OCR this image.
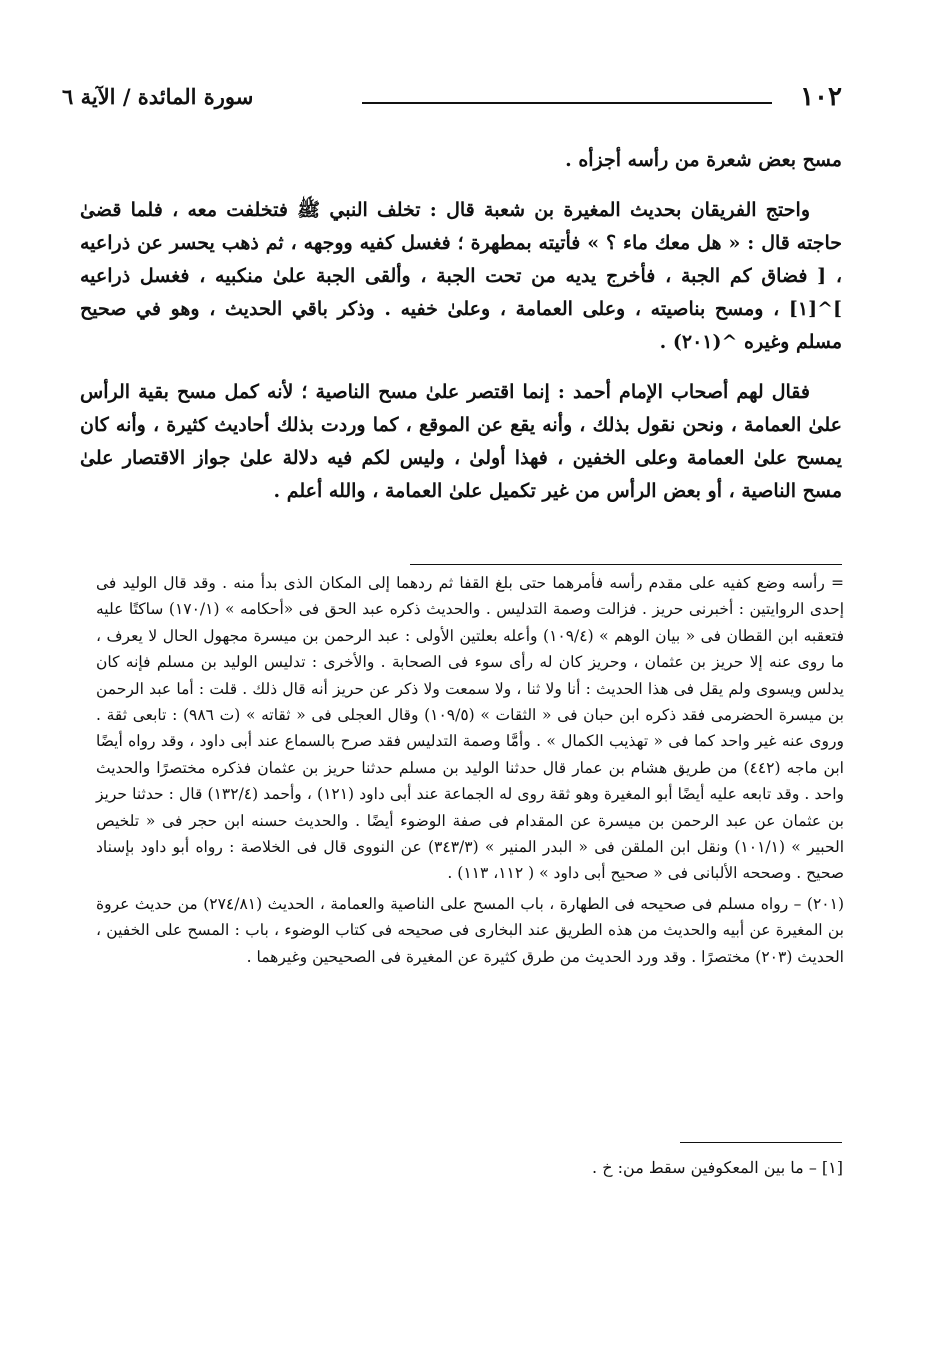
١٠٢
سورة المائدة / الآية ٦

مسح بعض شعرة من رأسه أجزأه .

واحتج الفريقان بحديث المغيرة بن شعبة قال : تخلف النبي ﷺ فتخلفت معه ، فلما قضىٰ حاجته قال : « هل معك ماء ؟ » فأتيته بمطهرة ؛ فغسل كفيه ووجهه ، ثم ذهب يحسر عن ذراعيه ، [ فضاق كم الجبة ، فأخرج يديه من تحت الجبة ، وألقى الجبة علىٰ منكبيه ، فغسل ذراعيه ]^[١] ، ومسح بناصيته ، وعلى العمامة ، وعلىٰ خفيه . وذكر باقي الحديث ، وهو في صحيح مسلم وغيره ^(٢٠١) .

فقال لهم أصحاب الإمام أحمد : إنما اقتصر علىٰ مسح الناصية ؛ لأنه كمل مسح بقية الرأس علىٰ العمامة ، ونحن نقول بذلك ، وأنه يقع عن الموقع ، كما وردت بذلك أحاديث كثيرة ، وأنه كان يمسح علىٰ العمامة وعلى الخفين ، فهذا أولىٰ ، وليس لكم فيه دلالة علىٰ جواز الاقتصار علىٰ مسح الناصية ، أو بعض الرأس من غير تكميل علىٰ العمامة ، والله أعلم .

= رأسه وضع كفيه على مقدم رأسه فأمرهما حتى بلغ القفا ثم ردهما إلى المكان الذى بدأ منه . وقد قال الوليد فى إحدى الروايتين : أخبرنى حريز . فزالت وصمة التدليس . والحديث ذكره عبد الحق فى «أحكامه » (١٧٠/١) ساكتًا عليه فتعقبه ابن القطان فى « بيان الوهم » (١٠٩/٤) وأعله بعلتين الأولى : عبد الرحمن بن ميسرة مجهول الحال لا يعرف ، ما روى عنه إلا حريز بن عثمان ، وحريز كان له رأى سوء فى الصحابة . والأخرى : تدليس الوليد بن مسلم فإنه كان يدلس ويسوى ولم يقل فى هذا الحديث : أنا ولا ثنا ، ولا سمعت ولا ذكر عن حريز أنه قال ذلك . قلت : أما عبد الرحمن بن ميسرة الحضرمى فقد ذكره ابن حبان فى « الثقات » (١٠٩/٥) وقال العجلى فى « ثقاته » (ت ٩٨٦) : تابعى ثقة . وروى عنه غير واحد كما فى « تهذيب الكمال » . وأمَّا وصمة التدليس فقد صرح بالسماع عند أبى داود ، وقد رواه أيضًا ابن ماجه (٤٤٢) من طريق هشام بن عمار قال حدثنا الوليد بن مسلم حدثنا حريز بن عثمان فذكره مختصرًا والحديث واحد . وقد تابعه عليه أيضًا أبو المغيرة وهو ثقة روى له الجماعة عند أبى داود (١٢١) ، وأحمد (١٣٢/٤) قال : حدثنا حريز بن عثمان عن عبد الرحمن بن ميسرة عن المقدام فى صفة الوضوء أيضًا . والحديث حسنه ابن حجر فى « تلخيص الحبير » (١٠١/١) ونقل ابن الملقن فى « البدر المنير » (٣٤٣/٣) عن النووى قال فى الخلاصة : رواه أبو داود بإسناد صحيح . وصححه الألبانى فى « صحيح أبى داود » ( ١١٢، ١١٣) .

(٢٠١) – رواه مسلم فى صحيحه فى الطهارة ، باب المسح على الناصية والعمامة ، الحديث (٢٧٤/٨١) من حديث عروة بن المغيرة عن أبيه والحديث من هذه الطريق عند البخارى فى صحيحه فى كتاب الوضوء ، باب : المسح على الخفين ، الحديث (٢٠٣) مختصرًا . وقد ورد الحديث من طرق كثيرة عن المغيرة فى الصحيحين وغيرهما .

[١] – ما بين المعكوفين سقط من: خ .
